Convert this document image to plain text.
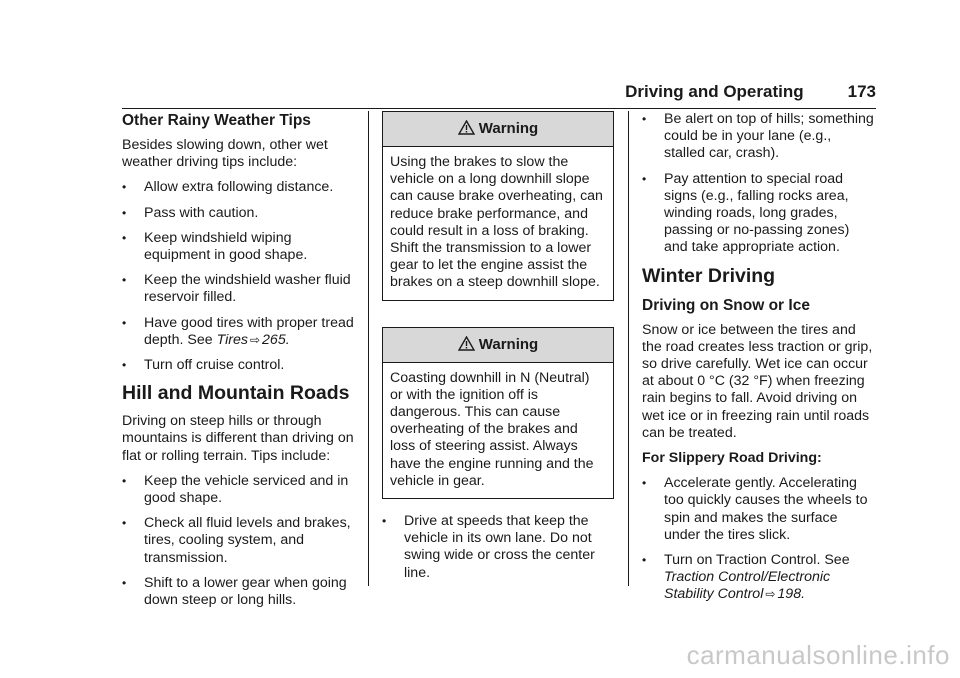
Driving and Operating	173
Other Rainy Weather Tips

Besides slowing down, other wet weather driving tips include:

• Allow extra following distance.
• Pass with caution.
• Keep windshield wiping equipment in good shape.
• Keep the windshield washer fluid reservoir filled.
• Have good tires with proper tread depth. See Tires ⇨ 265.
• Turn off cruise control.
Hill and Mountain Roads

Driving on steep hills or through mountains is different than driving on flat or rolling terrain. Tips include:

• Keep the vehicle serviced and in good shape.
• Check all fluid levels and brakes, tires, cooling system, and transmission.
• Shift to a lower gear when going down steep or long hills.
Warning
Using the brakes to slow the vehicle on a long downhill slope can cause brake overheating, can reduce brake performance, and could result in a loss of braking. Shift the transmission to a lower gear to let the engine assist the brakes on a steep downhill slope.
Warning
Coasting downhill in N (Neutral) or with the ignition off is dangerous. This can cause overheating of the brakes and loss of steering assist. Always have the engine running and the vehicle in gear.
• Drive at speeds that keep the vehicle in its own lane. Do not swing wide or cross the center line.
• Be alert on top of hills; something could be in your lane (e.g., stalled car, crash).
• Pay attention to special road signs (e.g., falling rocks area, winding roads, long grades, passing or no-passing zones) and take appropriate action.
Winter Driving
Driving on Snow or Ice

Snow or ice between the tires and the road creates less traction or grip, so drive carefully. Wet ice can occur at about 0 °C (32 °F) when freezing rain begins to fall. Avoid driving on wet ice or in freezing rain until roads can be treated.

For Slippery Road Driving:

• Accelerate gently. Accelerating too quickly causes the wheels to spin and makes the surface under the tires slick.
• Turn on Traction Control. See Traction Control/Electronic Stability Control ⇨ 198.
carmanualsonline.info
